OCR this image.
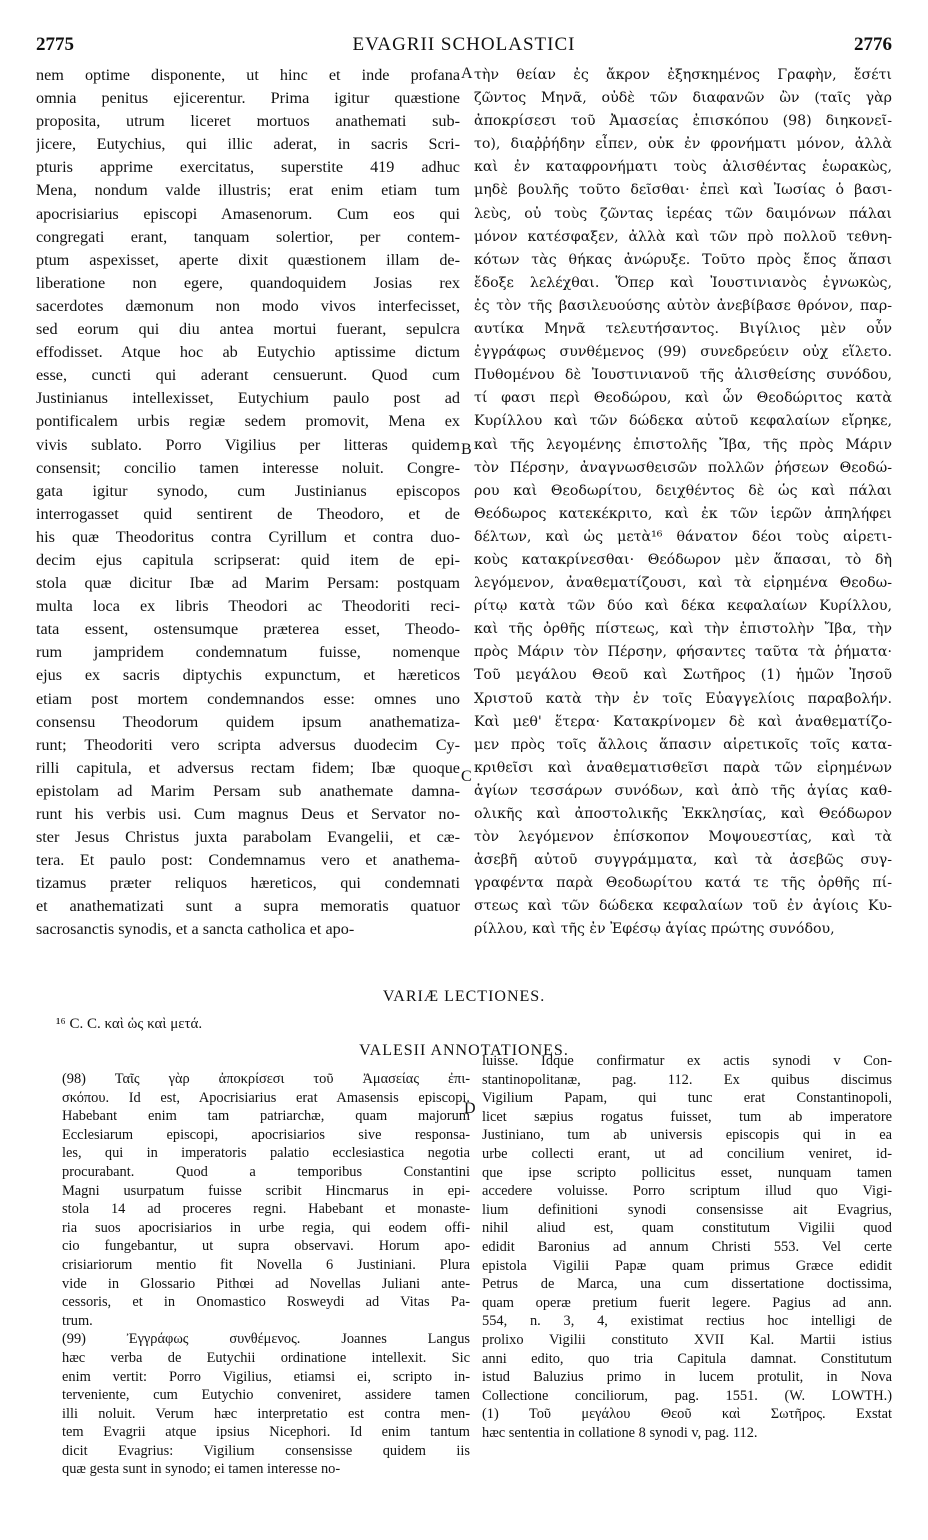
2775	EVAGRII SCHOLASTICI	2776
nem optime disponente, ut hinc et inde profana
omnia penitus ejicerentur. Prima igitur quæstione
proposita, utrum liceret mortuos anathemati sub-
jicere, Eutychius, qui illic aderat, in sacris Scri-
pturis apprime exercitatus, superstite 419 adhuc
Mena, nondum valde illustris; erat enim etiam tum
apocrisiarius episcopi Amasenorum. Cum eos qui
congregati erant, tanquam solertior, per contem-
ptum aspexisset, aperte dixit quæstionem illam de-
liberatione non egere, quandoquidem Josias rex
sacerdotes dæmonum non modo vivos interfecisset,
sed eorum qui diu antea mortui fuerant, sepulcra
effodisset. Atque hoc ab Eutychio aptissime dictum
esse, cuncti qui aderant censuerunt. Quod cum
Justinianus intellexisset, Eutychium paulo post ad
pontificalem urbis regiæ sedem promovit, Mena ex
vivis sublato. Porro Vigilius per litteras quidem
consensit; concilio tamen interesse noluit. Congre-
gata igitur synodo, cum Justinianus episcopos
interrogasset quid sentirent de Theodoro, et de
his quæ Theodoritus contra Cyrillum et contra duo-
decim ejus capitula scripserat: quid item de epi-
stola quæ dicitur Ibæ ad Marim Persam: postquam
multa loca ex libris Theodori ac Theodoriti reci-
tata essent, ostensumque præterea esset, Theodo-
rum jampridem condemnatum fuisse, nomenque
ejus ex sacris diptychis expunctum, et hæreticos
etiam post mortem condemnandos esse: omnes uno
consensu Theodorum quidem ipsum anathematiza-
runt; Theodoriti vero scripta adversus duodecim Cy-
rilli capitula, et adversus rectam fidem; Ibæ quoque
epistolam ad Marim Persam sub anathemate damna-
runt his verbis usi. Cum magnus Deus et Servator no-
ster Jesus Christus juxta parabolam Evangelii, et cæ-
tera. Et paulo post: Condemnamus vero et anathema-
tizamus præter reliquos hæreticos, qui condemnati
et anathematizati sunt a supra memoratis quatuor
sacrosanctis synodis, et a sancta catholica et apo-
τὴν θείαν ἐς ἄκρον ἐξησκημένος Γραφὴν, ἔσέτι
ζῶντος Μηνᾶ, οὐδὲ τῶν διαφανῶν ὢν (ταῖς γὰρ
ἀποκρίσεσι τοῦ Ἀμασείας ἐπισκόπου (98) διηκονεῖ-
το), διαῤῥήδην εἶπεν, οὐκ ἐν φρονήματι μόνον, ἀλλὰ
καὶ ἐν καταφρονήματι τοὺς ἀλισθέντας ἑωρακὼς,
μηδὲ βουλῆς τοῦτο δεῖσθαι· ἐπεὶ καὶ Ἰωσίας ὁ βασι-
λεὺς, οὐ τοὺς ζῶντας ἱερέας τῶν δαιμόνων πάλαι
μόνον κατέσφαξεν, ἀλλὰ καὶ τῶν πρὸ πολλοῦ τεθνη-
κότων τὰς θήκας ἀνώρυξε. Τοῦτο πρὸς ἔπος ἅπασι
ἔδοξε λελέχθαι. Ὅπερ καὶ Ἰουστινιανὸς ἐγνωκὼς,
ἐς τὸν τῆς βασιλευούσης αὐτὸν ἀνεβίβασε θρόνον, παρ-
αυτίκα Μηνᾶ τελευτήσαντος. Βιγίλιος μὲν οὖν
ἐγγράφως συνθέμενος (99) συνεδρεύειν οὐχ εἵλετο.
Πυθομένου δὲ Ἰουστινιανοῦ τῆς ἀλισθείσης συνόδου,
τί φασι περὶ Θεοδώρου, καὶ ὧν Θεοδώριτος κατὰ
Κυρίλλου καὶ τῶν δώδεκα αὐτοῦ κεφαλαίων εἴρηκε,
καὶ τῆς λεγομένης ἐπιστολῆς Ἴβα, τῆς πρὸς Μάριν
τὸν Πέρσην, ἀναγνωσθεισῶν πολλῶν ῥήσεων Θεοδώ-
ρου καὶ Θεοδωρίτου, δειχθέντος δὲ ὡς καὶ πάλαι
Θεόδωρος κατεκέκριτο, καὶ ἐκ τῶν ἱερῶν ἀπηλήφει
δέλτων, καὶ ὡς μετὰ¹⁶ θάνατον δέοι τοὺς αἱρετι-
κοὺς κατακρίνεσθαι· Θεόδωρον μὲν ἅπασαι, τὸ δὴ
λεγόμενον, ἀναθεματίζουσι, καὶ τὰ εἰρημένα Θεοδω-
ρίτῳ κατὰ τῶν δύο καὶ δέκα κεφαλαίων Κυρίλλου,
καὶ τῆς ὀρθῆς πίστεως, καὶ τὴν ἐπιστολὴν Ἴβα, τὴν
πρὸς Μάριν τὸν Πέρσην, φήσαντες ταῦτα τὰ ῥήματα·
Τοῦ μεγάλου Θεοῦ καὶ Σωτῆρος (1) ἡμῶν Ἰησοῦ
Χριστοῦ κατὰ τὴν ἐν τοῖς Εὐαγγελίοις παραβολήν.
Καὶ μεθ' ἕτερα· Κατακρίνομεν δὲ καὶ ἀναθεματίζο-
μεν πρὸς τοῖς ἄλλοις ἅπασιν αἱρετικοῖς τοῖς κατα-
κριθεῖσι καὶ ἀναθεματισθεῖσι παρὰ τῶν εἰρημένων
ἁγίων τεσσάρων συνόδων, καὶ ἀπὸ τῆς ἁγίας καθ-
ολικῆς καὶ ἀποστολικῆς Ἐκκλησίας, καὶ Θεόδωρον
τὸν λεγόμενον ἐπίσκοπον Μοψουεστίας, καὶ τὰ
ἀσεβῆ αὐτοῦ συγγράμματα, καὶ τὰ ἀσεβῶς συγ-
γραφέντα παρὰ Θεοδωρίτου κατά τε τῆς ὀρθῆς πί-
στεως καὶ τῶν δώδεκα κεφαλαίων τοῦ ἐν ἁγίοις Κυ-
ρίλλου, καὶ τῆς ἐν Ἐφέσῳ ἁγίας πρώτης συνόδου,
A
B
C
D
VARIÆ LECTIONES.
¹⁶ C. C. καὶ ὡς καὶ μετά.
VALESII ANNOTATIONES.
(98) Ταῖς γὰρ ἀποκρίσεσι τοῦ Ἀμασείας ἐπι-
σκόπου. Id est, Apocrisiarius erat Amasensis episcopi.
Habebant enim tam patriarchæ, quam majorum
Ecclesiarum episcopi, apocrisiarios sive responsa-
les, qui in imperatoris palatio ecclesiastica negotia
procurabant. Quod a temporibus Constantini
Magni usurpatum fuisse scribit Hincmarus in epi-
stola 14 ad proceres regni. Habebant et monaste-
ria suos apocrisiarios in urbe regia, qui eodem offi-
cio fungebantur, ut supra observavi. Horum apo-
crisiariorum mentio fit Novella 6 Justiniani. Plura
vide in Glossario Pithœi ad Novellas Juliani ante-
cessoris, et in Onomastico Rosweydi ad Vitas Pa-
trum.
(99) Ἐγγράφως συνθέμενος. Joannes Langus
hæc verba de Eutychii ordinatione intellexit. Sic
enim vertit: Porro Vigilius, etiamsi ei, scripto in-
terveniente, cum Eutychio conveniret, assidere tamen
illi noluit. Verum hæc interpretatio est contra men-
tem Evagrii atque ipsius Nicephori. Id enim tantum
dicit Evagrius: Vigilium consensisse quidem iis
quæ gesta sunt in synodo; ei tamen interesse no-
luisse. Idque confirmatur ex actis synodi v Con-
stantinopolitanæ, pag. 112. Ex quibus discimus
Vigilium Papam, qui tunc erat Constantinopoli,
licet sæpius rogatus fuisset, tum ab imperatore
Justiniano, tum ab universis episcopis qui in ea
urbe collecti erant, ut ad concilium veniret, id-
que ipse scripto pollicitus esset, nunquam tamen
accedere voluisse. Porro scriptum illud quo Vigi-
lium definitioni synodi consensisse ait Evagrius,
nihil aliud est, quam constitutum Vigilii quod
edidit Baronius ad annum Christi 553. Vel certe
epistola Vigilii Papæ quam primus Græce edidit
Petrus de Marca, una cum dissertatione doctissima,
quam operæ pretium fuerit legere. Pagius ad ann.
554, n. 3, 4, existimat rectius hoc intelligi de
prolixo Vigilii constituto XVII Kal. Martii istius
anni edito, quo tria Capitula damnat. Constitutum
istud Baluzius primo in lucem protulit, in Nova
Collectione conciliorum, pag. 1551. (W. LOWTH.)
(1) Τοῦ μεγάλου Θεοῦ καὶ Σωτῆρος. Exstat
hæc sententia in collatione 8 synodi v, pag. 112.
